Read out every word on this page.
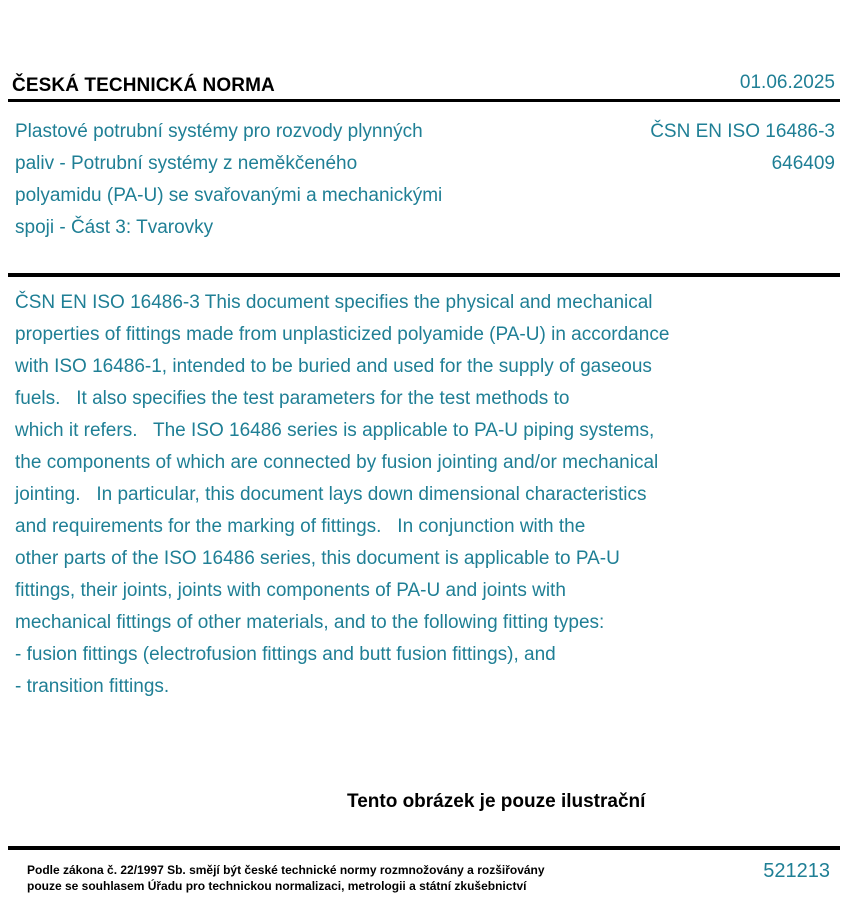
ČESKÁ TECHNICKÁ NORMA	01.06.2025
Plastové potrubní systémy pro rozvody plynných
paliv - Potrubní systémy z neměkčeného
polyamidu (PA-U) se svařovanými a mechanickými
spoji - Část 3: Tvarovky
ČSN EN ISO 16486-3
646409
ČSN EN ISO 16486-3 This document specifies the physical and mechanical
properties of fittings made from unplasticized polyamide (PA-U) in accordance
with ISO 16486-1, intended to be buried and used for the supply of gaseous
fuels.   It also specifies the test parameters for the test methods to
which it refers.   The ISO 16486 series is applicable to PA-U piping systems,
the components of which are connected by fusion jointing and/or mechanical
jointing.   In particular, this document lays down dimensional characteristics
and requirements for the marking of fittings.   In conjunction with the
other parts of the ISO 16486 series, this document is applicable to PA-U
fittings, their joints, joints with components of PA-U and joints with
mechanical fittings of other materials, and to the following fitting types:
- fusion fittings (electrofusion fittings and butt fusion fittings), and
- transition fittings.
Tento obrázek je pouze ilustrační
Podle zákona č. 22/1997 Sb. smějí být české technické normy rozmnožovány a rozšiřovány
pouze se souhlasem Úřadu pro technickou normalizaci, metrologii a státní zkušebnictví
521213
